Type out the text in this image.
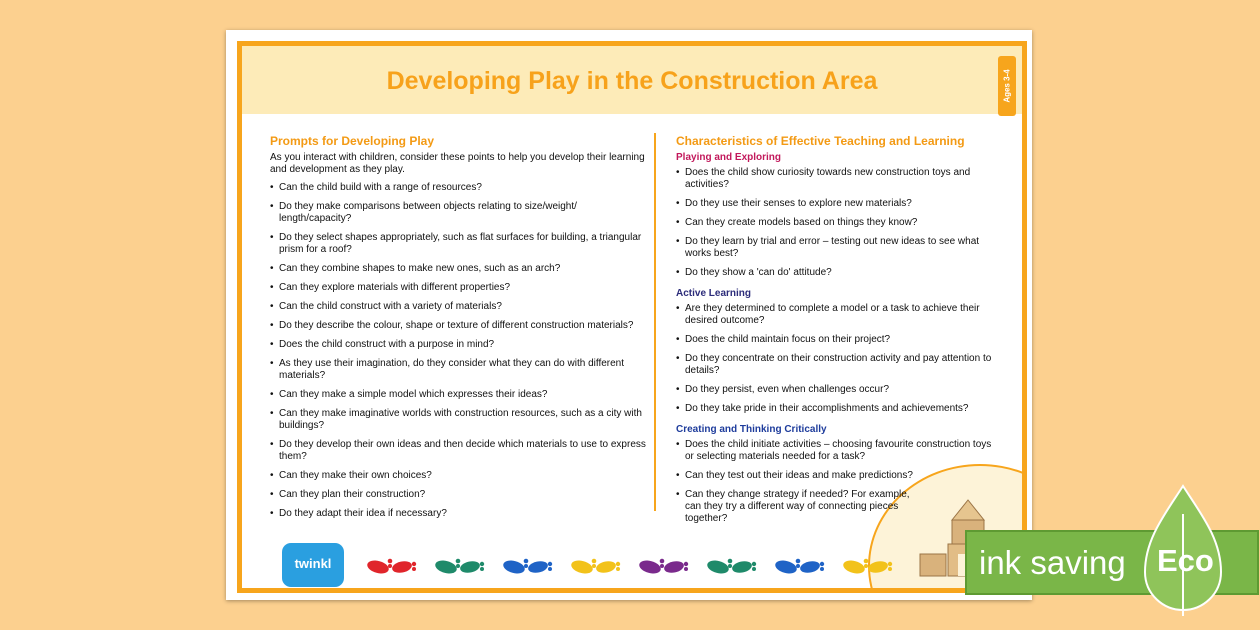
Developing Play in the Construction Area	Ages 3-4
Prompts for Developing Play
As you interact with children, consider these points to help you develop their learning and development as they play.
• Can the child build with a range of resources?
• Do they make comparisons between objects relating to size/weight/ length/capacity?
• Do they select shapes appropriately, such as flat surfaces for building, a triangular prism for a roof?
• Can they combine shapes to make new ones, such as an arch?
• Can they explore materials with different properties?
• Can the child construct with a variety of materials?
• Do they describe the colour, shape or texture of different construction materials?
• Does the child construct with a purpose in mind?
• As they use their imagination, do they consider what they can do with different materials?
• Can they make a simple model which expresses their ideas?
• Can they make imaginative worlds with construction resources, such as a city with buildings?
• Do they develop their own ideas and then decide which materials to use to express them?
• Can they make their own choices?
• Can they plan their construction?
• Do they adapt their idea if necessary?
Characteristics of Effective Teaching and Learning
Playing and Exploring
• Does the child show curiosity towards new construction toys and activities?
• Do they use their senses to explore new materials?
• Can they create models based on things they know?
• Do they learn by trial and error – testing out new ideas to see what works best?
• Do they show a 'can do' attitude?
Active Learning
• Are they determined to complete a model or a task to achieve their desired outcome?
• Does the child maintain focus on their project?
• Do they concentrate on their construction activity and pay attention to details?
• Do they persist, even when challenges occur?
• Do they take pride in their accomplishments and achievements?
Creating and Thinking Critically
• Does the child initiate activities – choosing favourite construction toys or selecting materials needed for a task?
• Can they test out their ideas and make predictions?
• Can they change strategy if needed? For example, can they try a different way of connecting pieces together?
twinkl	ink saving Eco
